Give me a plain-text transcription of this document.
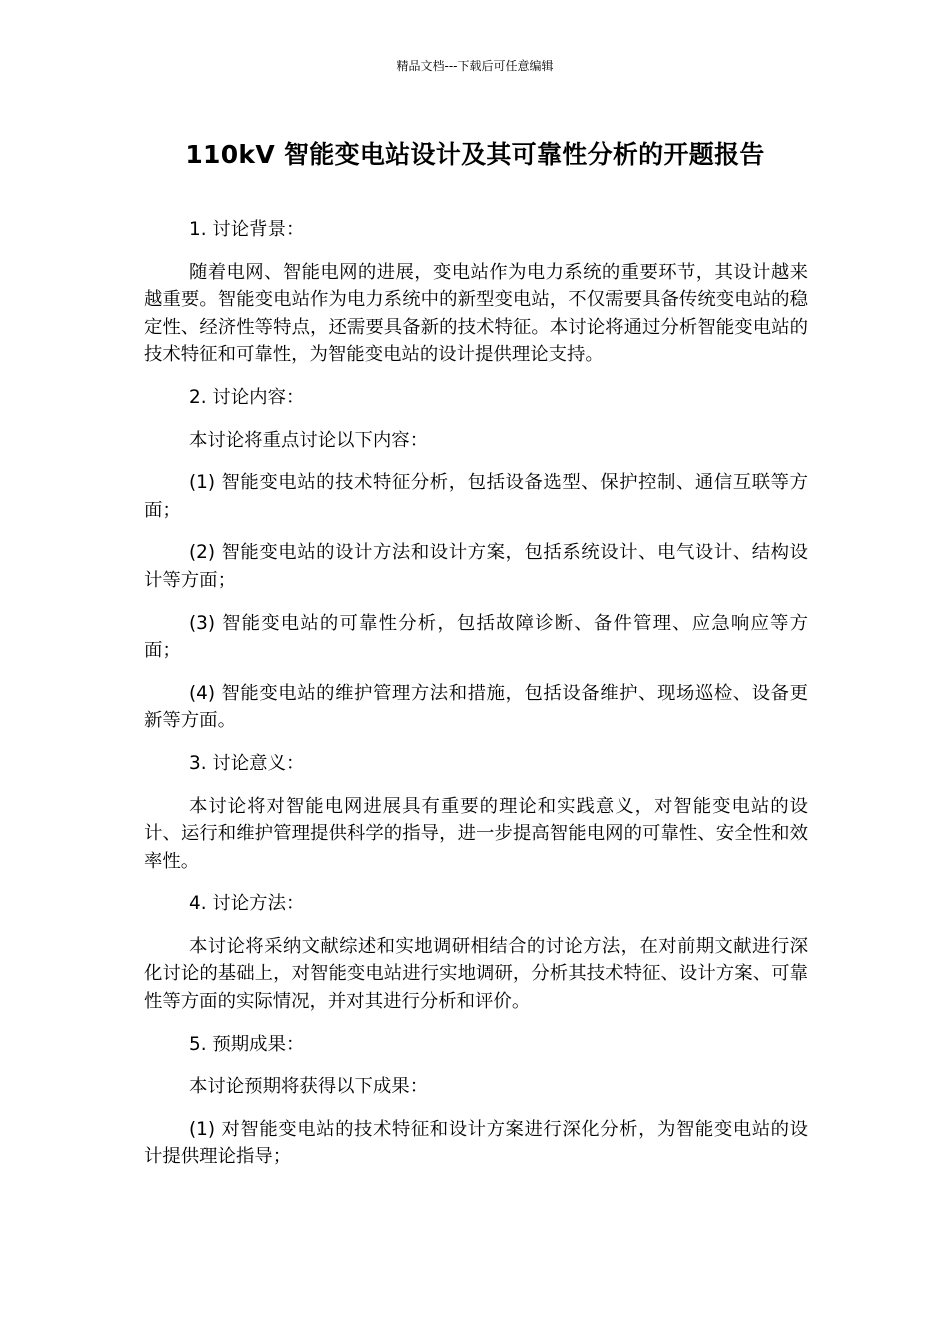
精品文档---下载后可任意编辑
110kV 智能变电站设计及其可靠性分析的开题报告

1. 讨论背景：

随着电网、智能电网的进展，变电站作为电力系统的重要环节，其设计越来越重要。智能变电站作为电力系统中的新型变电站，不仅需要具备传统变电站的稳定性、经济性等特点，还需要具备新的技术特征。本讨论将通过分析智能变电站的技术特征和可靠性，为智能变电站的设计提供理论支持。

2. 讨论内容：

本讨论将重点讨论以下内容：

(1) 智能变电站的技术特征分析，包括设备选型、保护控制、通信互联等方面；

(2) 智能变电站的设计方法和设计方案，包括系统设计、电气设计、结构设计等方面；

(3) 智能变电站的可靠性分析，包括故障诊断、备件管理、应急响应等方面；

(4) 智能变电站的维护管理方法和措施，包括设备维护、现场巡检、设备更新等方面。

3. 讨论意义：

本讨论将对智能电网进展具有重要的理论和实践意义，对智能变电站的设计、运行和维护管理提供科学的指导，进一步提高智能电网的可靠性、安全性和效率性。

4. 讨论方法：

本讨论将采纳文献综述和实地调研相结合的讨论方法，在对前期文献进行深化讨论的基础上，对智能变电站进行实地调研，分析其技术特征、设计方案、可靠性等方面的实际情况，并对其进行分析和评价。

5. 预期成果：

本讨论预期将获得以下成果：

(1) 对智能变电站的技术特征和设计方案进行深化分析，为智能变电站的设计提供理论指导；
